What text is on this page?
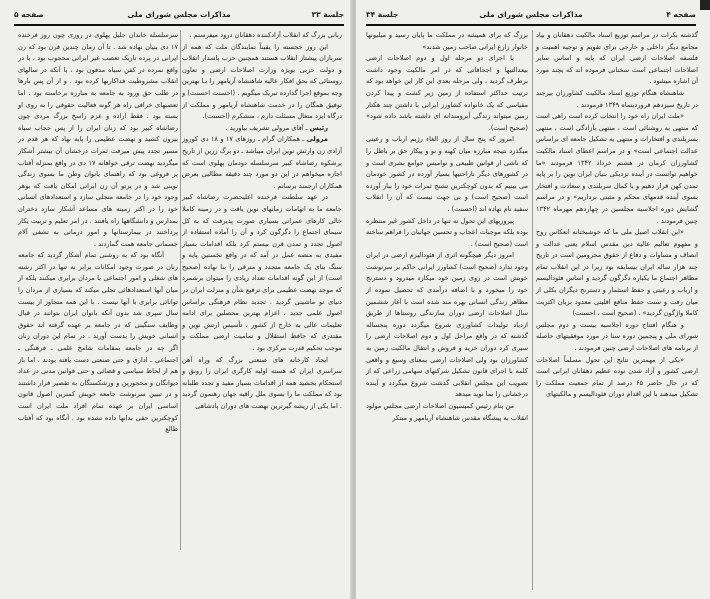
جلسة ۳۳
مذاکرات مجلس شورای ملی
صفحه ۵

ربانی بزرگ که انقلاب آزادکننده دهقانان درود میفرستم .

این روز خجسته را یقیناً تمایندگان ملت که همه از سربازان پیشتاز انقلاب هستند همچنین حزب پاسدار انقلاب و دولت حزبی بویژه وزارت اصلاحات ارضی و تعاون روستائی که بحق افکار عالیه شاهنشاه آریامهر را بـا بهترین وجه بموقع اجرا گذارده تبریک میگویم . (احسنت احسنت) و توفیق همگان را در خدمت شاهنشاه آریامهر و مملکت از درگاه ایزد متعال مسئلت دارم ، متشکرم (احسنت).

رئیس ـ آقای مرولی تشریف بیاورید .

مرولی ـ همکاران گرام ـ روزهای ۱۷ و ۱۸ دی کوروز آزادی زن وارثش نوین ایران میباشد ـ دو برگ زرین از تاریخ پرشکوه رضاشاه کبیر سرسلسله دودمان پهلوی است که اجازه میخواهم در این دو مورد چند دقیقه مطالبی بعرض همکاران ارجمند برسانم .

در عهد سلطنت فرخنده اعلیحضرت رضاشاه کبیر جامعه ما به اتهامات زمانهای نوین یافت و در زمینه کاملا خالی کارهای عمرانی بسیاری صورت پذیرفت که به کل سیمای اجتماع را دگرگون کرد و آن را آماده استفاده از اصول تجدد و تمدن قرن بیستم کرد بلکه اقدامات بسیار مفیدی به منصه عمل در آمد که در واقع نخستین پایه و سنگ بنای یک جامعه متجدد و مترقی را بنا نهاده (صحیح است) از این گونه اقدامات تعداد زیادی را میتوان برشمرد که موجد نهضت عظیمی برای ترفیع شأن و منزلت ایران در دنیای نو ماشینی گردید . تجدید نظام فرهنگی براساس اصول علمی جدید ، اعزام بهترین محصلین برای ادامه تعلیمات عالی به خارج از کشور ، تأسیس ارتش نوین و مقتدری که حافظ استقلال و تمامیت ارضی مملکت و موجب تحکیم قدرت مرکزی بود .

ایجاد کارخانه های صنعتی بزرگ که وراه آهن سراسری ایران که هسته اولیه کارگری ایران را رونق و استحکام بخشید همه از اقدامات بسیار مفید و تجدد طلبانه بود که مملکت ما را بسوی ملل راقیه جهان رهنمون گردید . اما یکی از ریشه گیرترین نهضت های دوران پادشاهی

سرسلسله خاندان جلیل پهلوی در روزی چون روز فرخنده ۱۷ دی بنیان نهاده شد . تا آن زمان چندین قرن بود که زن ایرانی در پرده تاریک تعصب غیر ایرانی محجوب بود ، یا در واقع نمرده در کفن سیاه مدفون بود ، با آنکه در سالهای انقلاب مشروطیت فداکاریها کرده بود . و از آن پس بارها در طلب حق ورود به جامعه به مبارزه برخاسته بود . اما تعصبهای خرافی راه هر گونه فعالیت حقوقی را به روی او بسته بود . فقط اراده و عزم راسخ بزرگ مردی چون رضاشاه کبیر بود که زنان ایران را از پس حجاب سیاه بیرون کشید و نهضت عظیمی را پایه نهاد که هر قدم در مسیر تجدد پیش میرفت ثمرات درخشان آن بیشتر آشکار میگردید نهضت ترقی خواهانه ۱۷ دی در واقع بمنزله آفتاب پر فروغی بود که راهنمای بانوان وطن ما بسوی زندگی نوینی شد و در پرتو آن زن ایرانی امکان یافت که بوهر وجود خود را در جامعه متجلی سازد و استعدادهای انسانی خود را در اکثر زمینه های مساعد آشکار سازد دختران بمدارس و دانشگاهها راه یافتند . در امر تعلیم و تربیت یکار پرداختند در بیمارستانها و امور درمانی به تشفی آلام جسمانی جامعه همت گماردند .

آنگاه بود که به روشنی تمام آشکار گردید که جامعه زنان در صورت وجود امکانات برابر نه تنها در اکثر رشته های شغلی و امور اجتماعی با مردان برابری میکنند بلکه از میان آنها استعدادهائی تجلی میکند که بسیاری از مردان را توانائی برابری با آنها نیست . با این همه متجاوز از بیست سال سپری شد بدون آنکه بانوان ایران بتوانند در قبال وظایف سنگینی که در جامعه بر عهده گرفته اند حقوق انسانی خویش را بدست آورند . در تمام این دوران زنان اگر چه در جامعه بمقامات شامخ علمی ـ فرهنگی ـ اجتماعی ـ اداری و حتی صنعتی دست یافته بودند . اما باز هم از لحاظ سیاسی و قضائی و حتی قوانین مدنی در عداد دیوانگان و محجورین و ورشکستگان به تقصیر قرار داشتند و در تبیین سرنوشت جامعه خویش کمترین اصول قانون اساسی ایران بر عهده تمام افراد ملت ایران است کوچکترین حقی بدانها داده نشده بود . آنگاه بود که آفتاب طالع

صفحه ۴
مذاکرات مجلس شورای ملی
جلسة ۳۴

گذشته بکرات در مراسم توزیع اسناد مالکیت دهقانان و بیاد مجامع دیگر داخلی و خارجی برای تقویم و توجیه اهمیت و فلسفه اصلاحات ارضی ایران که پایه و اساس سایر اصلاحات اجتماعی است سخنانی فرموده اند که بچند مورد آن اشاره میشود .

شاهنشاه هنگام توزیع اسناد مالکیت کشاورزان بیرجند در تاریخ سیزدهم فروردینماه ۱۳۴۹ فرمودند .

«ملت ایران راه خود را انتخاب کرده است راهی است که منتهی به روشنائی است ، منتهی بآزادگی است ، منتهی بسربلندی و افتخارات و منتهی به تشکیل جامعه ای براساس عدالت اجتماعی است» و در مراسم اعطای اسناد مالکیت کشاورزان کرمان در هشتم خرداد ۱۳۴۲ فرمودند «ما خواهیم توانست در آینده نزدیکی بنیان ایران نوین را بر پایه تمدن کهن قرار دهیم و با کمال سربلندی و سعادت و افتخار بسوی آینده قدمهای محکم و مثبتی برداریم» و در مراسم گشایش دوره اجلاسیه مجلسین در چهاردهم مهرماه ۱۳۴۲ چنین فرمودند .

«این انقلاب اصیل ملی ما که خوشبختانه انعکاس روح و مفهوم تعالیم عالیه دین مقدس اسلام یعنی عدالت و انصاف و مساوات و دفاع از حقوق محرومین است در تاریخ چند هزار ساله ایران بیسابقه بود زیرا در این انقلاب تمام مظاهر اجتماع ما یکباره دگرگون گردید و اساس فئودالیسم و ارباب و رعیتی و حفظ استثمار و دسترنج دیگران بکلی از میان رفت و سنت حفظ منافع اقلیتی معدود بزیان اکثریت کاملا واژگون گردید» . (صحیح است ، احسنت)

و هنگام افتتاح دوره اجلاسیه بیست و دوم مجلس شورای ملی و پنجمین دوره سنا در مورد موفقیتهای حاصله از برنامه های اصلاحات ارضی چنین فرمودند .

«یکی از مهمترین نتایج این تحول مسلماً اصلاحات ارضی کشور و آزاد شدن توده عظیم دهقانان ایرانی است که در حال حاضر ۶۵ درصد از تمام جمعیت مملکت را تشکیل میدهند با این اقدام دوران فئودالیسم و مالکیتهای

بزرگ که برای همیشه در مملکت ما پایان رسید و میلیونها خانوار زارع ایرانی صاحب زمین شدند»

با اجرای دو مرحله اول و دوم اصلاحات ارضی بیعدالتیها و اجحافاتی که در امر مالکیت وجود داشت برطرف گردید ، ولی مرحله بعدی این کار این خواهد بود که ترتیب حداکثر استفاده از زمین زیر کشت و پیدا کردن مقیاسی که یک خانواده کشاورز ایرانی با داشتن چند هکتار زمین میتواند زندگی آبرومندانه ای داشته باشد داده شود» (صحیح است).

امروز که پنج سال از روز الغاء رژیم ارباب و رعیتی میگذرد نتیجه مبارزه میان کهنه و نو و پیکار حق بر باطل را که ناشی از قوانین طبیعی و نوامیس جوامع بشری است و در کشورهای دیگر ناراحتیها بسیار آورده در کشور خودمان می بینیم که بدون کوچکترین تشنج ثمرات خود را ببار آورده است (صحیح است) و بی جهت نیست که آن را انقلاب سفید نام نهاده اند (احسنت) .

پیروزیهای این تحول نه تنها در داخل کشور غیر منتظره بوده بلکه موجبات اعجاب و تحسین جهانیان را فراهم ساخته است (صحیح است) .

امروز دیگر هیچگونه اثری از فئودالیزم ارضی در ایران وجود ندارد (صحیح است) کشاورز ایرانی حاکم بر سرنوشت خویش است در روی زمین خود میکارد میدرود و دسترنج خود را میخورد و با اضافه درآمدی که تحصیل نموده از مظاهر زندگی انسانی بهره مند شده است با آغاز ششمین سال اصلاحات ارضی دوران سازندگی روستاها از طریق ازدیاد تولیدات کشاورزی شروع میگردد دوره پنجساله گذشته که در واقع مراحل اول و دوم اصلاحات ارضی را سیری کرد دوران خرید و فروش و انتقال مالکیت زمین به کشاورزان بود ولی اصلاحات ارضی بمعنای وسیع و واقعی کلمه با اجرای قانون تشکیل شرکتهای سهامی زراعی که از تصویب این مجلس انقلابی گذشت شروع میگردد و آینده درخشانی را بما نوید میدهد

من بنام رئیس کمیسیون اصلاحات ارضی مجلس مولود انقلاب به پیشگاه مقدس شاهنشاه آریامهر و مبتکر
